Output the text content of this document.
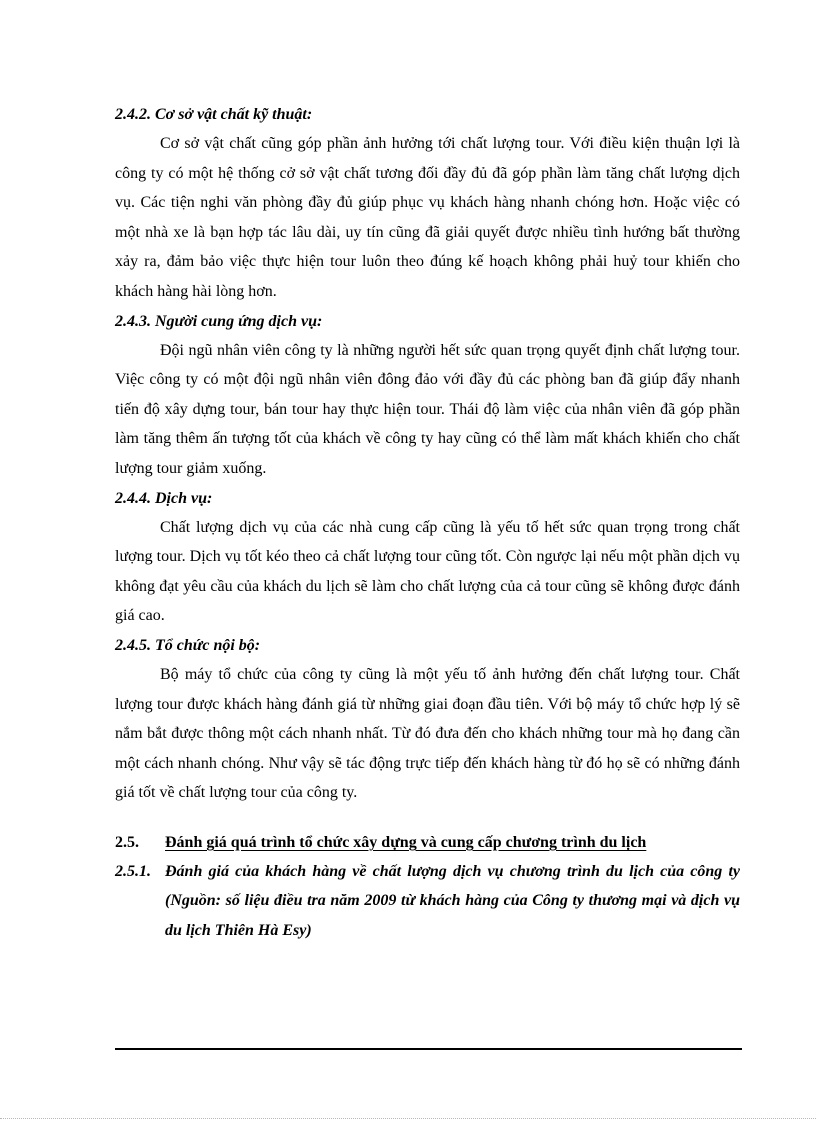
2.4.2. Cơ sở vật chất kỹ thuật:

Cơ sở vật chất cũng góp phần ảnh hưởng tới chất lượng tour. Với điều kiện thuận lợi là công ty có một hệ thống cở sở vật chất tương đối đầy đủ đã góp phần làm tăng chất lượng dịch vụ. Các tiện nghi văn phòng đầy đủ giúp phục vụ khách hàng nhanh chóng hơn. Hoặc việc có một nhà xe là bạn hợp tác lâu dài, uy tín cũng đã giải quyết được nhiều tình hướng bất thường xảy ra, đảm bảo việc thực hiện tour luôn theo đúng kế hoạch không phải huỷ tour khiến cho khách hàng hài lòng hơn.

2.4.3. Người cung ứng dịch vụ:

Đội ngũ nhân viên công ty là những người hết sức quan trọng quyết định chất lượng tour. Việc công ty có một đội ngũ nhân viên đông đảo với đầy đủ các phòng ban đã giúp đẩy nhanh tiến độ xây dựng tour, bán tour hay thực hiện tour. Thái độ làm việc của nhân viên đã góp phần làm tăng thêm ấn tượng tốt của khách về công ty hay cũng có thể làm mất khách khiến cho chất lượng tour giảm xuống.

2.4.4. Dịch vụ:

Chất lượng dịch vụ của các nhà cung cấp cũng là yếu tố hết sức quan trọng trong chất lượng tour. Dịch vụ tốt kéo theo cả chất lượng tour cũng tốt. Còn ngược lại nếu một phần dịch vụ không đạt yêu cầu của khách du lịch sẽ làm cho chất lượng của cả tour cũng sẽ không được đánh giá cao.

2.4.5. Tổ chức nội bộ:

Bộ máy tổ chức của công ty cũng là một yếu tố ảnh hưởng đến chất lượng tour. Chất lượng tour được khách hàng đánh giá từ những giai đoạn đầu tiên. Với bộ máy tổ chức hợp lý sẽ nắm bắt được thông một cách nhanh nhất. Từ đó đưa đến cho khách những tour mà họ đang cần một cách nhanh chóng. Như vậy sẽ tác động trực tiếp đến khách hàng từ đó họ sẽ có những đánh giá tốt về chất lượng tour của công ty.

2.5.	Đánh giá quá trình tổ chức xây dựng và cung cấp chương trình du lịch

2.5.1. Đánh giá của khách hàng về chất lượng dịch vụ chương trình du lịch của công ty (Nguồn: số liệu điều tra năm 2009 từ khách hàng của Công ty thương mại và dịch vụ du lịch Thiên Hà Esy)
